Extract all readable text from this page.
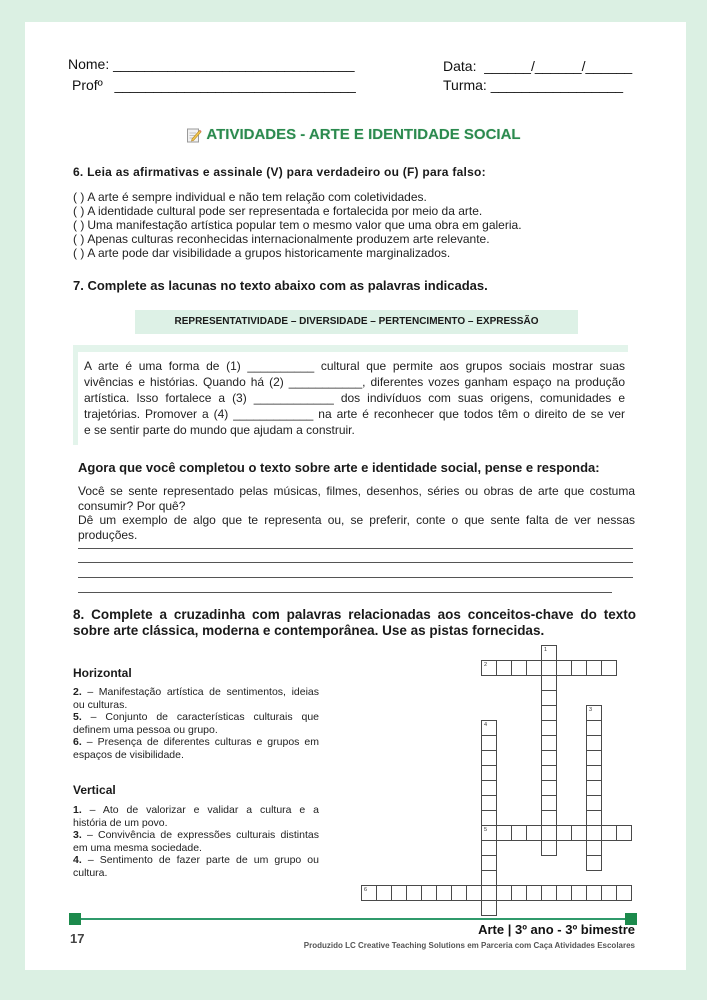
Nome: _______________________________
Profº   _______________________________
Data:  ______/______/______
Turma: _________________
ATIVIDADES - ARTE E IDENTIDADE SOCIAL
6. Leia as afirmativas e assinale (V) para verdadeiro ou (F) para falso:
( ) A arte é sempre individual e não tem relação com coletividades.
( ) A identidade cultural pode ser representada e fortalecida por meio da arte.
( ) Uma manifestação artística popular tem o mesmo valor que uma obra em galeria.
( ) Apenas culturas reconhecidas internacionalmente produzem arte relevante.
( ) A arte pode dar visibilidade a grupos historicamente marginalizados.
7. Complete as lacunas no texto abaixo com as palavras indicadas.
REPRESENTATIVIDADE – DIVERSIDADE – PERTENCIMENTO – EXPRESSÃO
A arte é uma forma de (1) __________ cultural que permite aos grupos sociais mostrar suas
vivências e histórias. Quando há (2) ___________, diferentes vozes ganham espaço na produção
artística. Isso fortalece a (3) ____________ dos indivíduos com suas origens, comunidades e
trajetórias. Promover a (4) ____________ na arte é reconhecer que todos têm o direito de se ver
e se sentir parte do mundo que ajudam a construir.
Agora que você completou o texto sobre arte e identidade social, pense e responda:
Você se sente representado pelas músicas, filmes, desenhos, séries ou obras de arte que costuma
consumir? Por quê?
Dê um exemplo de algo que te representa ou, se preferir, conte o que sente falta de ver nessas
produções.
8. Complete a cruzadinha com palavras relacionadas aos conceitos-chave do texto
sobre arte clássica, moderna e contemporânea. Use as pistas fornecidas.
Horizontal
2. – Manifestação artística de sentimentos, ideias
ou culturas.
5. – Conjunto de características culturais que
definem uma pessoa ou grupo.
6. – Presença de diferentes culturas e grupos em
espaços de visibilidade.
Vertical
1. – Ato de valorizar e validar a cultura e a
história de um povo.
3. – Convivência de expressões culturais distintas
em uma mesma sociedade.
4. – Sentimento de fazer parte de um grupo ou
cultura.
1
2
3
4
5
6
17
Arte | 3º ano - 3º bimestre
Produzido LC Creative Teaching Solutions em Parceria com Caça Atividades Escolares
